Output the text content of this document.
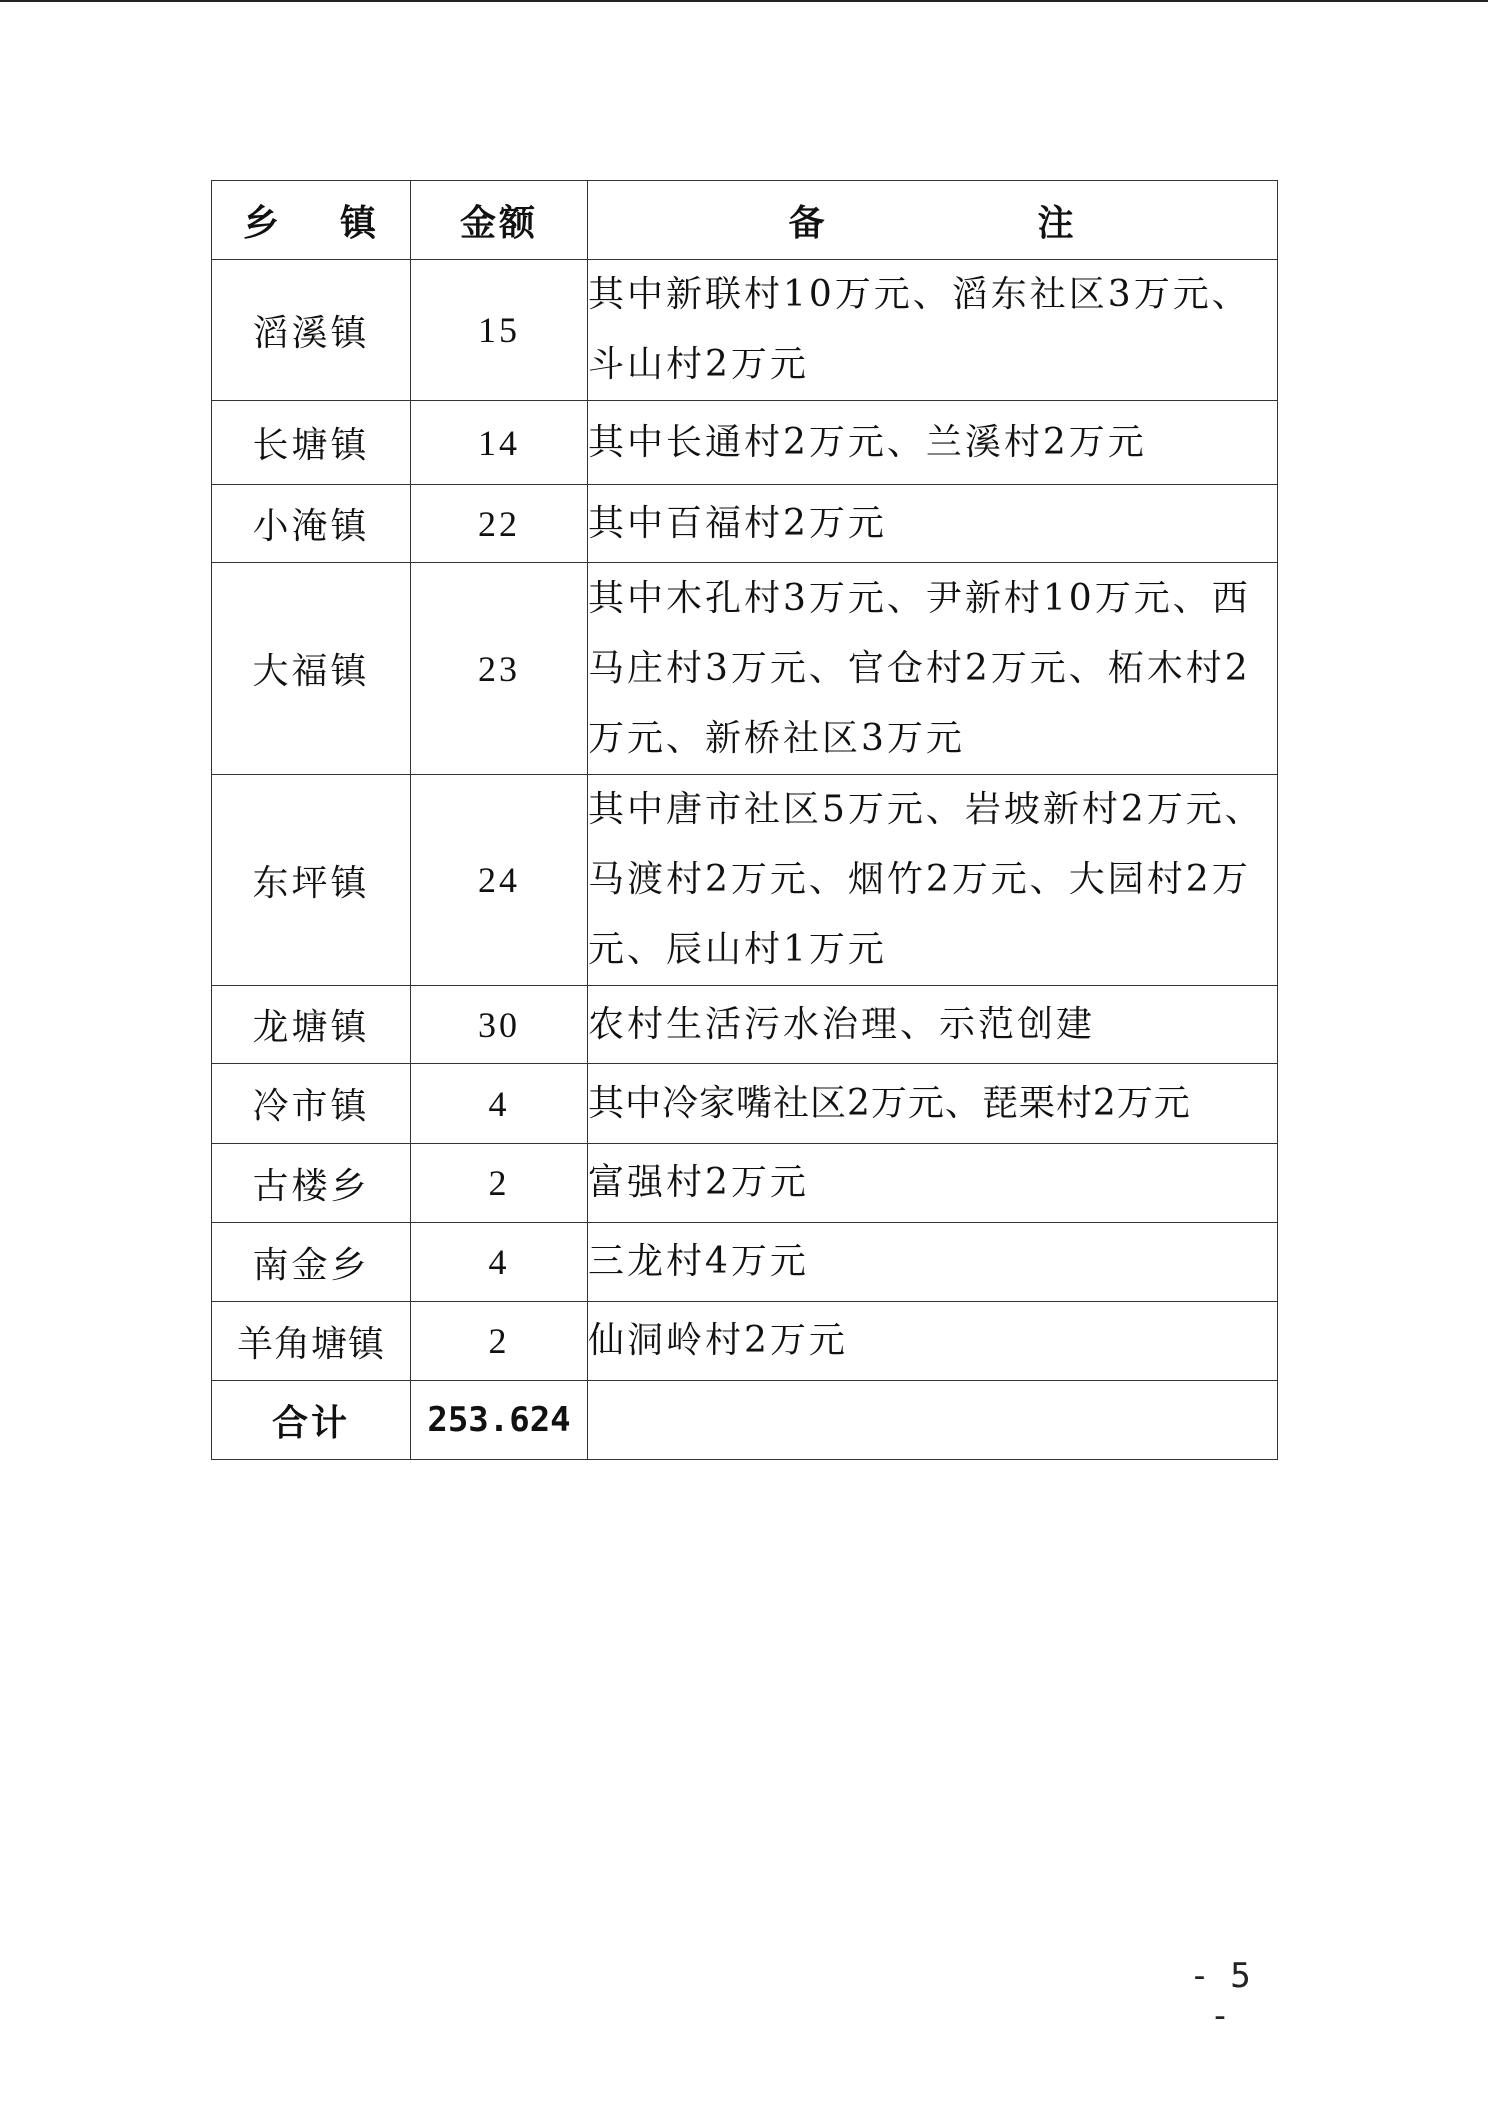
乡 镇	金额	备 注
滔溪镇	15	其中新联村10万元、滔东社区3万元、斗山村2万元
长塘镇	14	其中长通村2万元、兰溪村2万元
小淹镇	22	其中百福村2万元
大福镇	23	其中木孔村3万元、尹新村10万元、西马庄村3万元、官仓村2万元、柘木村2万元、新桥社区3万元
东坪镇	24	其中唐市社区5万元、岩坡新村2万元、马渡村2万元、烟竹2万元、大园村2万元、辰山村1万元
龙塘镇	30	农村生活污水治理、示范创建
冷市镇	4	其中冷家嘴社区2万元、琵栗村2万元
古楼乡	2	富强村2万元
南金乡	4	三龙村4万元
羊角塘镇	2	仙洞岭村2万元
合计	253.624	
- 5 -
